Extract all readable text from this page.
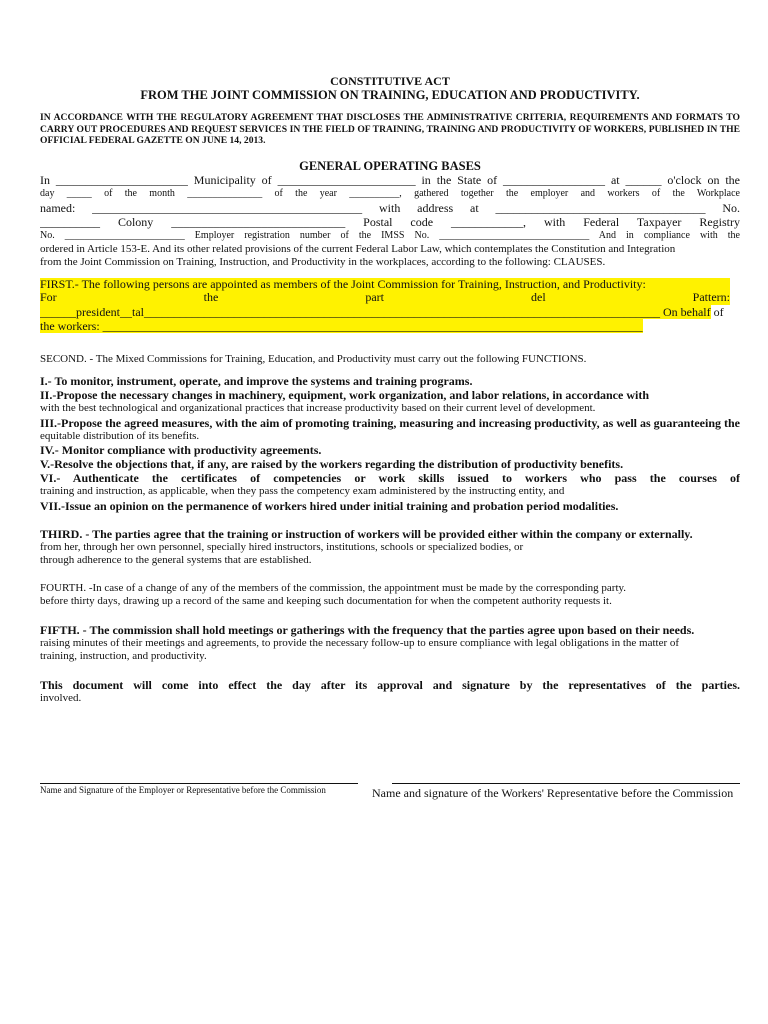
CONSTITUTIVE ACT
FROM THE JOINT COMMISSION ON TRAINING, EDUCATION AND PRODUCTIVITY.
IN ACCORDANCE WITH THE REGULATORY AGREEMENT THAT DISCLOSES THE ADMINISTRATIVE CRITERIA, REQUIREMENTS AND FORMATS TO CARRY OUT PROCEDURES AND REQUEST SERVICES IN THE FIELD OF TRAINING, TRAINING AND PRODUCTIVITY OF WORKERS, PUBLISHED IN THE OFFICIAL FEDERAL GAZETTE ON JUNE 14, 2013.
GENERAL OPERATING BASES
In ______________________ Municipality of _______________________ in the State of _________________ at ______ o'clock on the
day _____ of the month _______________ of the year __________, gathered together the employer and workers of the Workplace
named: _____________________________________________ with address at ___________________________________ No.
__________ Colony _____________________________ Postal code ____________, with Federal Taxpayer Registry
No. ________________________ Employer registration number of the IMSS No. ______________________________ And in compliance with the
ordered in Article 153-E. And its other related provisions of the current Federal Labor Law, which contemplates the Constitution and Integration
from the Joint Commission on Training, Instruction, and Productivity in the workplaces, according to the following: CLAUSES.
FIRST.- The following persons are appointed as members of the Joint Commission for Training, Instruction, and Productivity:
For the part del Pattern:
______president__tal______________________________________________________________________________________ On behalf of
the workers: __________________________________________________________________________________________
SECOND. - The Mixed Commissions for Training, Education, and Productivity must carry out the following FUNCTIONS.
I.- To monitor, instrument, operate, and improve the systems and training programs.
II.-Propose the necessary changes in machinery, equipment, work organization, and labor relations, in accordance with
with the best technological and organizational practices that increase productivity based on their current level of development.
III.-Propose the agreed measures, with the aim of promoting training, measuring and increasing productivity, as well as guaranteeing the
equitable distribution of its benefits.
IV.- Monitor compliance with productivity agreements.
V.-Resolve the objections that, if any, are raised by the workers regarding the distribution of productivity benefits.
VI.- Authenticate the certificates of competencies or work skills issued to workers who pass the courses of
training and instruction, as applicable, when they pass the competency exam administered by the instructing entity, and
VII.-Issue an opinion on the permanence of workers hired under initial training and probation period modalities.
THIRD. - The parties agree that the training or instruction of workers will be provided either within the company or externally.
from her, through her own personnel, specially hired instructors, institutions, schools or specialized bodies, or
through adherence to the general systems that are established.
FOURTH. -In case of a change of any of the members of the commission, the appointment must be made by the corresponding party.
before thirty days, drawing up a record of the same and keeping such documentation for when the competent authority requests it.
FIFTH. - The commission shall hold meetings or gatherings with the frequency that the parties agree upon based on their needs.
raising minutes of their meetings and agreements, to provide the necessary follow-up to ensure compliance with legal obligations in the matter of
training, instruction, and productivity.
This document will come into effect the day after its approval and signature by the representatives of the parties.
involved.
Name and Signature of the Employer or Representative before the Commission	Name and signature of the Workers' Representative before the Commission
